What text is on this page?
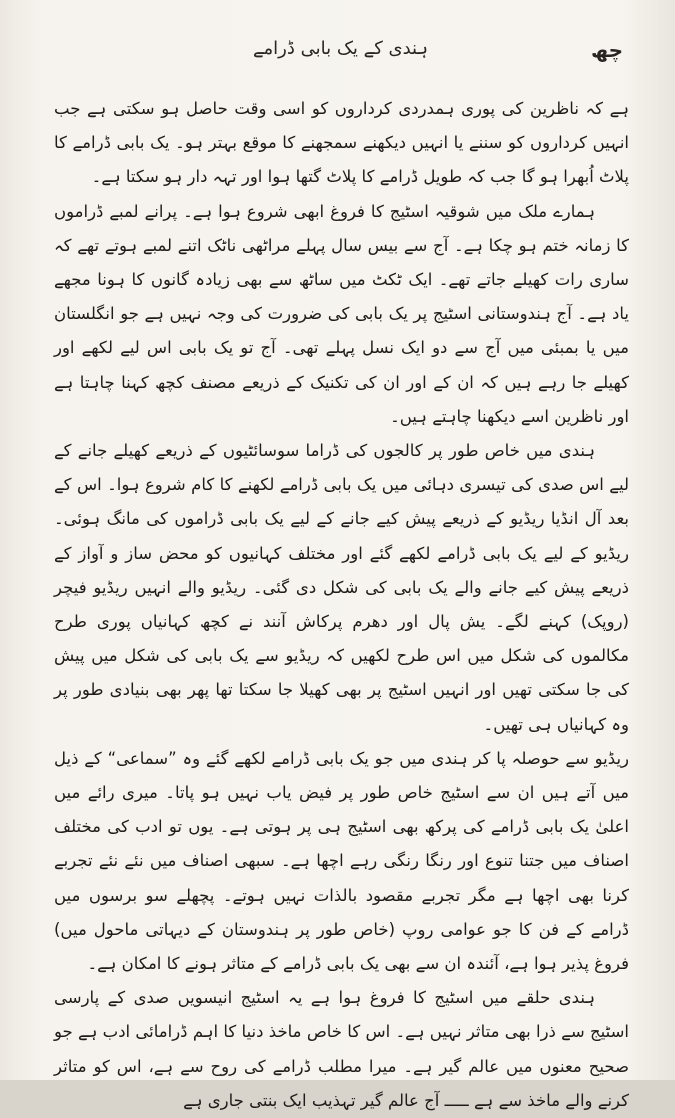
چھ
ہندی کے یک بابی ڈرامے

ہے کہ ناظرین کی پوری ہمدردی کرداروں کو اسی وقت حاصل ہو سکتی ہے جب انہیں کرداروں کو سننے یا انہیں دیکھنے سمجھنے کا موقع بہتر ہو۔ یک بابی ڈرامے کا پلاٹ اُبھرا ہو گا جب کہ طویل ڈرامے کا پلاٹ گتھا ہوا اور تہہ دار ہو سکتا ہے۔

ہمارے ملک میں شوقیہ اسٹیج کا فروغ ابھی شروع ہوا ہے۔ پرانے لمبے ڈراموں کا زمانہ ختم ہو چکا ہے۔ آج سے بیس سال پہلے مراٹھی ناٹک اتنے لمبے ہوتے تھے کہ ساری رات کھیلے جاتے تھے۔ ایک ٹکٹ میں ساٹھ سے بھی زیادہ گانوں کا ہونا مجھے یاد ہے۔ آج ہندوستانی اسٹیج پر یک بابی کی ضرورت کی وجہ نہیں ہے جو انگلستان میں یا بمبئی میں آج سے دو ایک نسل پہلے تھی۔ آج تو یک بابی اس لیے لکھے اور کھیلے جا رہے ہیں کہ ان کے اور ان کی تکنیک کے ذریعے مصنف کچھ کہنا چاہتا ہے اور ناظرین اسے دیکھنا چاہتے ہیں۔

ہندی میں خاص طور پر کالجوں کی ڈراما سوسائٹیوں کے ذریعے کھیلے جانے کے لیے اس صدی کی تیسری دہائی میں یک بابی ڈرامے لکھنے کا کام شروع ہوا۔ اس کے بعد آل انڈیا ریڈیو کے ذریعے پیش کیے جانے کے لیے یک بابی ڈراموں کی مانگ ہوئی۔ ریڈیو کے لیے یک بابی ڈرامے لکھے گئے اور مختلف کہانیوں کو محض ساز و آواز کے ذریعے پیش کیے جانے والے یک بابی کی شکل دی گئی۔ ریڈیو والے انہیں ریڈیو فیچر (روپک) کہنے لگے۔ یش پال اور دھرم پرکاش آنند نے کچھ کہانیاں پوری طرح مکالموں کی شکل میں اس طرح لکھیں کہ ریڈیو سے یک بابی کی شکل میں پیش کی جا سکتی تھیں اور انہیں اسٹیج پر بھی کھیلا جا سکتا تھا پھر بھی بنیادی طور پر وہ کہانیاں ہی تھیں۔

ریڈیو سے حوصلہ پا کر ہندی میں جو یک بابی ڈرامے لکھے گئے وہ ”سماعی“ کے ذیل میں آتے ہیں ان سے اسٹیج خاص طور پر فیض یاب نہیں ہو پاتا۔ میری رائے میں اعلیٰ یک بابی ڈرامے کی پرکھ بھی اسٹیج ہی پر ہوتی ہے۔ یوں تو ادب کی مختلف اصناف میں جتنا تنوع اور رنگا رنگی رہے اچھا ہے۔ سبھی اصناف میں نئے نئے تجربے کرنا بھی اچھا ہے مگر تجربے مقصود بالذات نہیں ہوتے۔ پچھلے سو برسوں میں ڈرامے کے فن کا جو عوامی روپ (خاص طور پر ہندوستان کے دیہاتی ماحول میں) فروغ پذیر ہوا ہے، آئندہ ان سے بھی یک بابی ڈرامے کے متاثر ہونے کا امکان ہے۔

ہندی حلقے میں اسٹیج کا فروغ ہوا ہے یہ اسٹیج انیسویں صدی کے پارسی اسٹیج سے ذرا بھی متاثر نہیں ہے۔ اس کا خاص ماخذ دنیا کا اہم ڈرامائی ادب ہے جو صحیح معنوں میں عالم گیر ہے۔ میرا مطلب ڈرامے کی روح سے ہے، اس کو متاثر کرنے والے ماخذ سے ہے ـــــ آج عالم گیر تہذیب ایک بنتی جاری ہے
